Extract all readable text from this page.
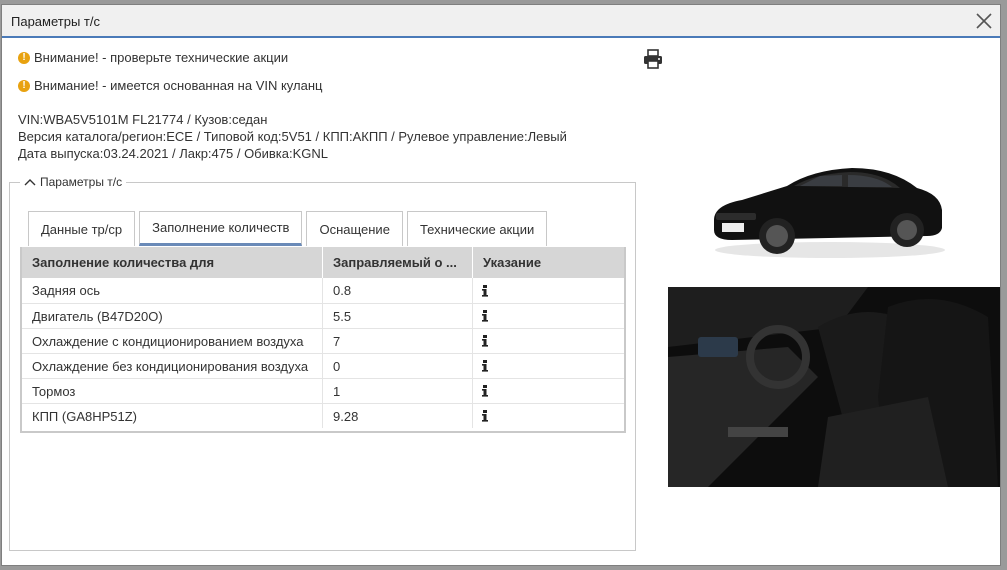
Параметры т/с
! Внимание! - проверьте технические акции
! Внимание! - имеется основанная на VIN куланц
VIN:WBA5V5101M FL21774 / Кузов:седан
Версия каталога/регион:ECE / Типовой код:5V51 / КПП:АКПП / Рулевое управление:Левый
Дата выпуска:03.24.2021 / Лакр:475 / Обивка:KGNL
Параметры т/с
Данные тр/ср Заполнение количеств Оснащение Технические акции
Заполнение количества для	Заправляемый о ...	Указание
Задняя ось	0.8
Двигатель (B47D20O)	5.5
Охлаждение с кондиционированием воздуха 7
Охлаждение без кондиционирования воздуха 0
Тормоз	1
КПП (GA8HP51Z)	9.28
